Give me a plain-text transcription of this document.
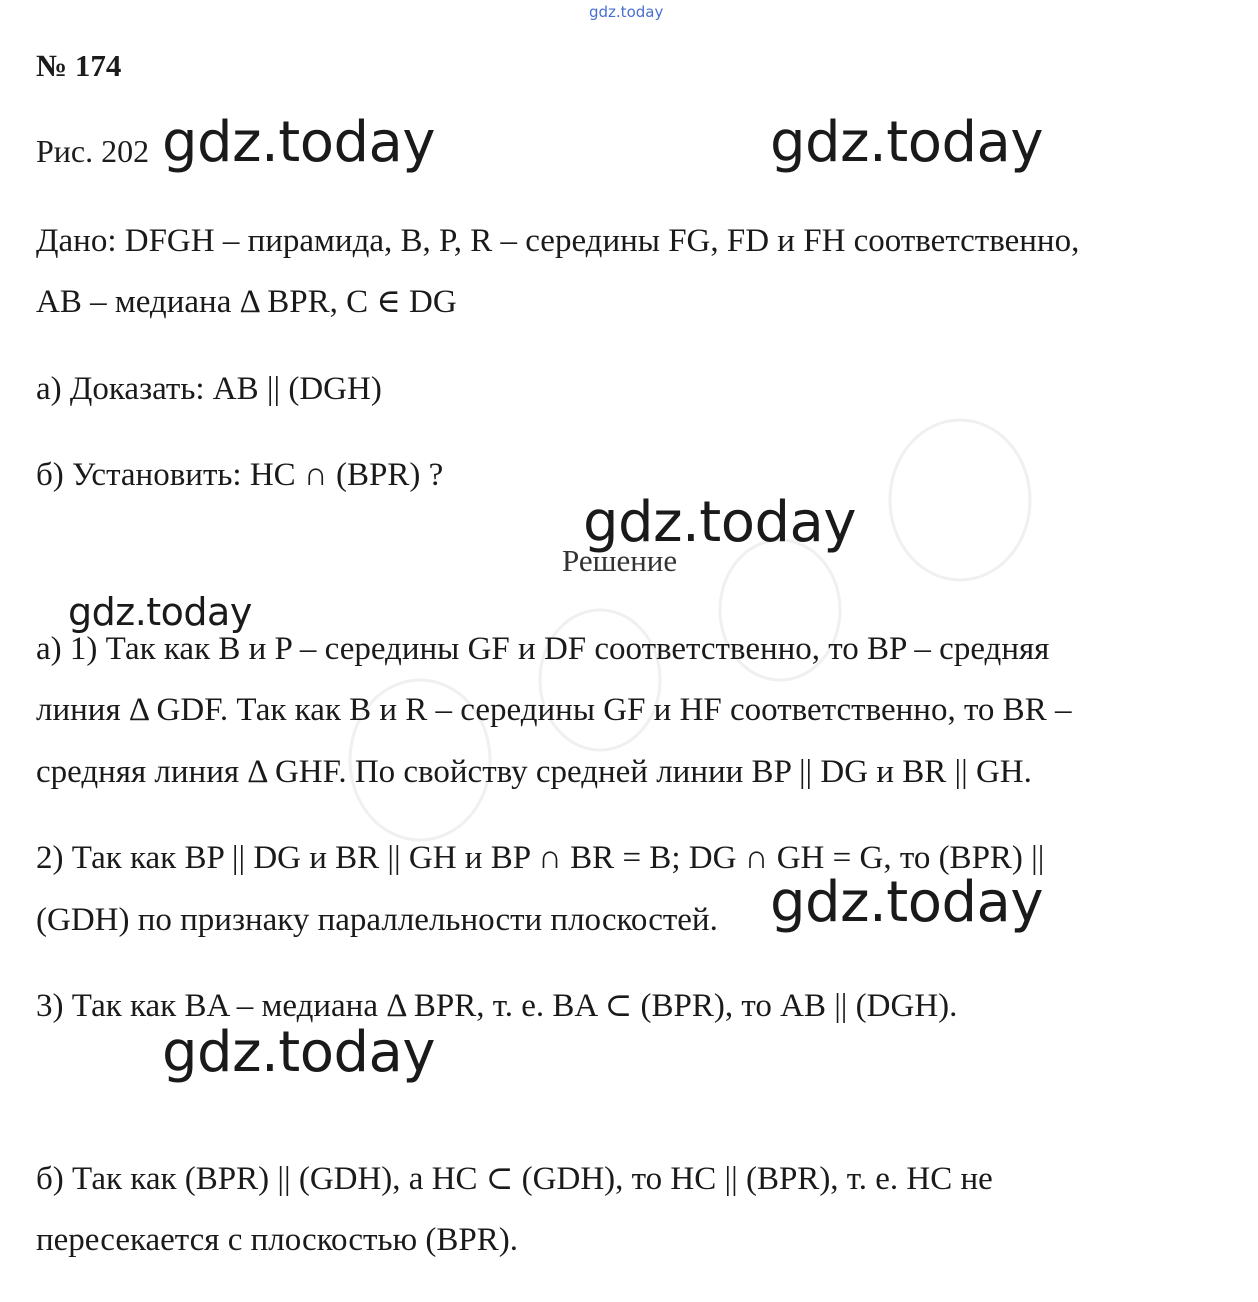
gdz.today
№ 174
Рис. 202 gdz.today	gdz.today
Дано: DFGH – пирамида, B, P, R – середины FG, FD и FH соответственно,
AB – медиана Δ BPR, C ∈ DG
а) Доказать: AB || (DGH)
б) Установить: HC ∩ (BPR) ?
gdz.today
Решение
gdz.today
а) 1) Так как B и P – середины GF и DF соответственно, то BP – средняя
линия Δ GDF. Так как B и R – середины GF и HF соответственно, то BR –
средняя линия Δ GHF. По свойству средней линии BP || DG и BR || GH.
2) Так как BP || DG и BR || GH и BP ∩ BR = B; DG ∩ GH = G, то (BPR) ||
(GDH) по признаку параллельности плоскостей. gdz.today
3) Так как BA – медиана Δ BPR, т. е. BA ⊂ (BPR), то AB || (DGH).
gdz.today
б) Так как (BPR) || (GDH), а HC ⊂ (GDH), то HC || (BPR), т. е. HC не
пересекается с плоскостью (BPR).
